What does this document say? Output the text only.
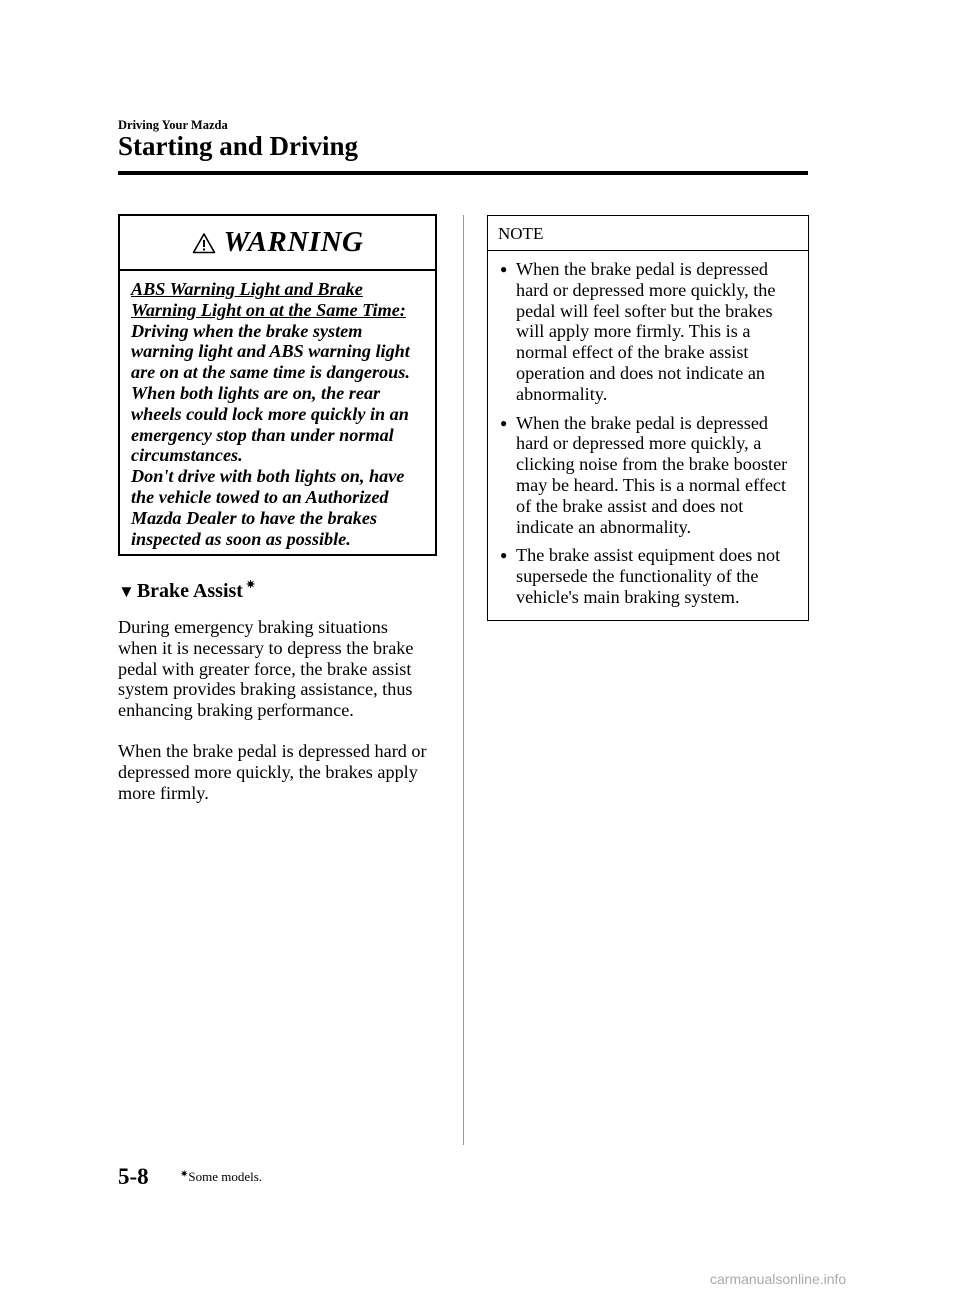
Driving Your Mazda
Starting and Driving
WARNING
ABS Warning Light and Brake
Warning Light on at the Same Time:
Driving when the brake system
warning light and ABS warning light
are on at the same time is dangerous.
When both lights are on, the rear
wheels could lock more quickly in an
emergency stop than under normal
circumstances.
Don't drive with both lights on, have
the vehicle towed to an Authorized
Mazda Dealer to have the brakes
inspected as soon as possible.
▼ Brake Assist ✷
During emergency braking situations
when it is necessary to depress the brake
pedal with greater force, the brake assist
system provides braking assistance, thus
enhancing braking performance.
When the brake pedal is depressed hard or
depressed more quickly, the brakes apply
more firmly.
NOTE
● When the brake pedal is depressed
hard or depressed more quickly, the
pedal will feel softer but the brakes
will apply more firmly. This is a
normal effect of the brake assist
operation and does not indicate an
abnormality.
● When the brake pedal is depressed
hard or depressed more quickly, a
clicking noise from the brake booster
may be heard. This is a normal effect
of the brake assist and does not
indicate an abnormality.
● The brake assist equipment does not
supersede the functionality of the
vehicle's main braking system.
5-8	✷Some models.
carmanualsonline.info
